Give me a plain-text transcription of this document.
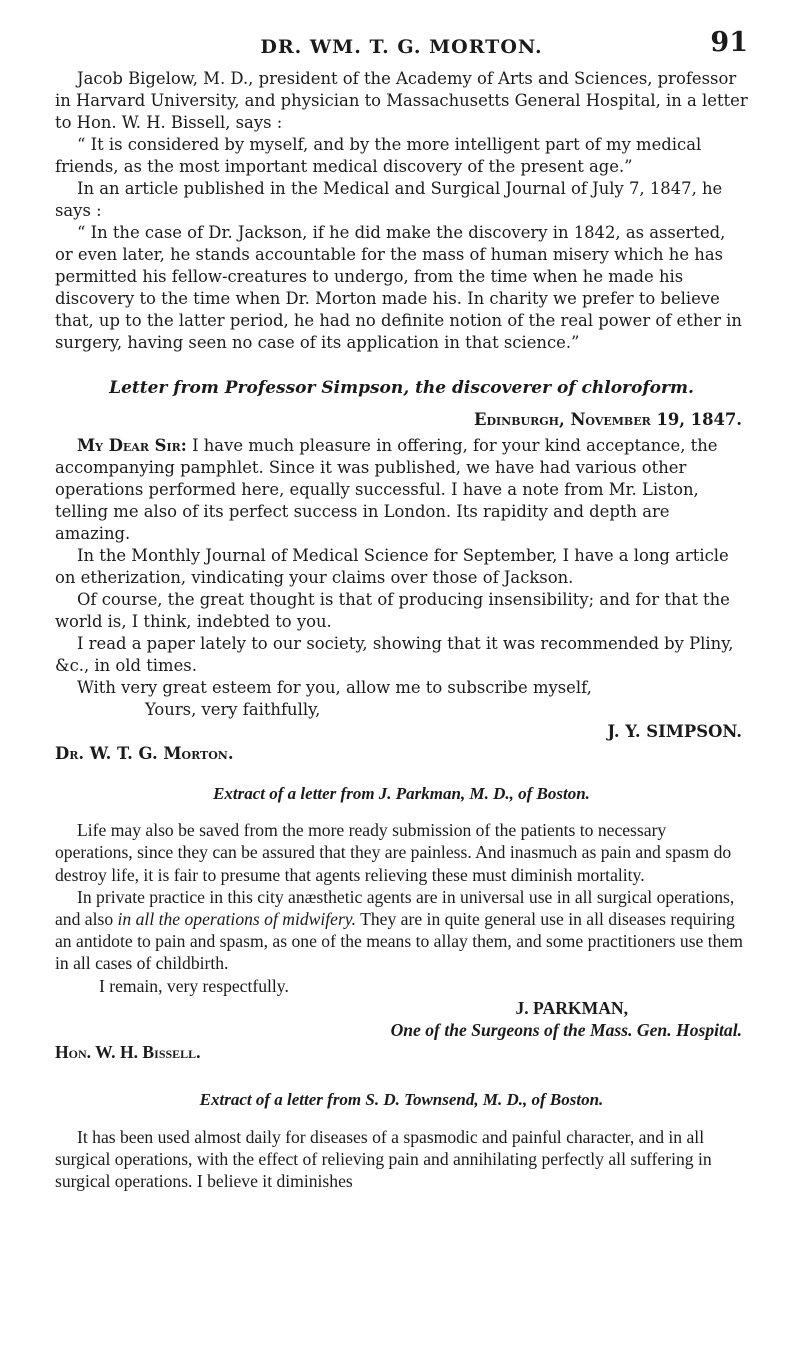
DR. WM. T. G. MORTON.	91

Jacob Bigelow, M. D., president of the Academy of Arts and Sciences, professor in Harvard University, and physician to Massachusetts General Hospital, in a letter to Hon. W. H. Bissell, says :

“ It is considered by myself, and by the more intelligent part of my medical friends, as the most important medical discovery of the present age.”

In an article published in the Medical and Surgical Journal of July 7, 1847, he says :

“ In the case of Dr. Jackson, if he did make the discovery in 1842, as asserted, or even later, he stands accountable for the mass of human misery which he has permitted his fellow-creatures to undergo, from the time when he made his discovery to the time when Dr. Morton made his. In charity we prefer to believe that, up to the latter period, he had no definite notion of the real power of ether in surgery, having seen no case of its application in that science.”

Letter from Professor Simpson, the discoverer of chloroform.

Edinburgh, November 19, 1847.

My Dear Sir: I have much pleasure in offering, for your kind acceptance, the accompanying pamphlet. Since it was published, we have had various other operations performed here, equally successful. I have a note from Mr. Liston, telling me also of its perfect success in London. Its rapidity and depth are amazing.

In the Monthly Journal of Medical Science for September, I have a long article on etherization, vindicating your claims over those of Jackson.

Of course, the great thought is that of producing insensibility; and for that the world is, I think, indebted to you.

I read a paper lately to our society, showing that it was recommended by Pliny, &c., in old times.

With very great esteem for you, allow me to subscribe myself,

Yours, very faithfully,

J. Y. SIMPSON.

Dr. W. T. G. Morton.

Extract of a letter from J. Parkman, M. D., of Boston.

Life may also be saved from the more ready submission of the patients to necessary operations, since they can be assured that they are painless. And inasmuch as pain and spasm do destroy life, it is fair to presume that agents relieving these must diminish mortality.

In private practice in this city anæsthetic agents are in universal use in all surgical operations, and also in all the operations of midwifery. They are in quite general use in all diseases requiring an antidote to pain and spasm, as one of the means to allay them, and some practitioners use them in all cases of childbirth.

I remain, very respectfully.

J. PARKMAN,

One of the Surgeons of the Mass. Gen. Hospital.

Hon. W. H. Bissell.

Extract of a letter from S. D. Townsend, M. D., of Boston.

It has been used almost daily for diseases of a spasmodic and painful character, and in all surgical operations, with the effect of relieving pain and annihilating perfectly all suffering in surgical operations. I believe it diminishes
